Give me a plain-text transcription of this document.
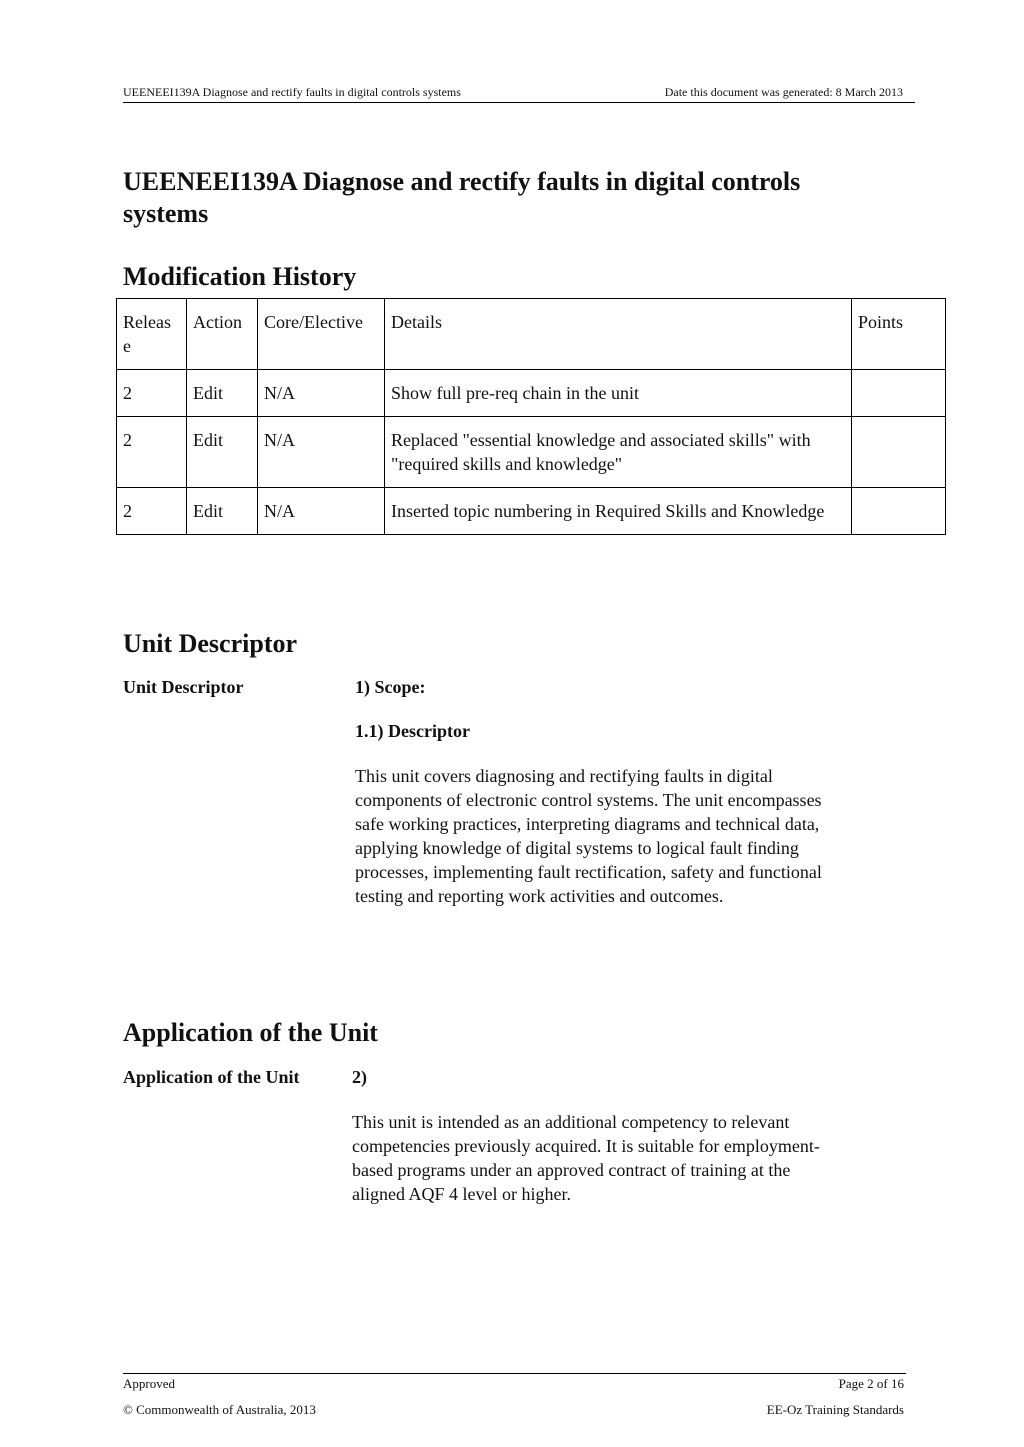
UEENEEI139A Diagnose and rectify faults in digital controls systems	Date this document was generated: 8 March 2013
UEENEEI139A Diagnose and rectify faults in digital controls systems
Modification History
Releas e	Action	Core/Elective	Details	Points
2	Edit	N/A	Show full pre-req chain in the unit	
2	Edit	N/A	Replaced "essential knowledge and associated skills" with "required skills and knowledge"	
2	Edit	N/A	Inserted topic numbering in Required Skills and Knowledge	
Unit Descriptor
Unit Descriptor	1) Scope:
1.1) Descriptor
This unit covers diagnosing and rectifying faults in digital components of electronic control systems. The unit encompasses safe working practices, interpreting diagrams and technical data, applying knowledge of digital systems to logical fault finding processes, implementing fault rectification, safety and functional testing and reporting work activities and outcomes.
Application of the Unit
Application of the Unit	2)
This unit is intended as an additional competency to relevant competencies previously acquired. It is suitable for employment-based programs under an approved contract of training at the aligned AQF 4 level or higher.
Approved	Page 2 of 16
© Commonwealth of Australia, 2013	EE-Oz Training Standards
